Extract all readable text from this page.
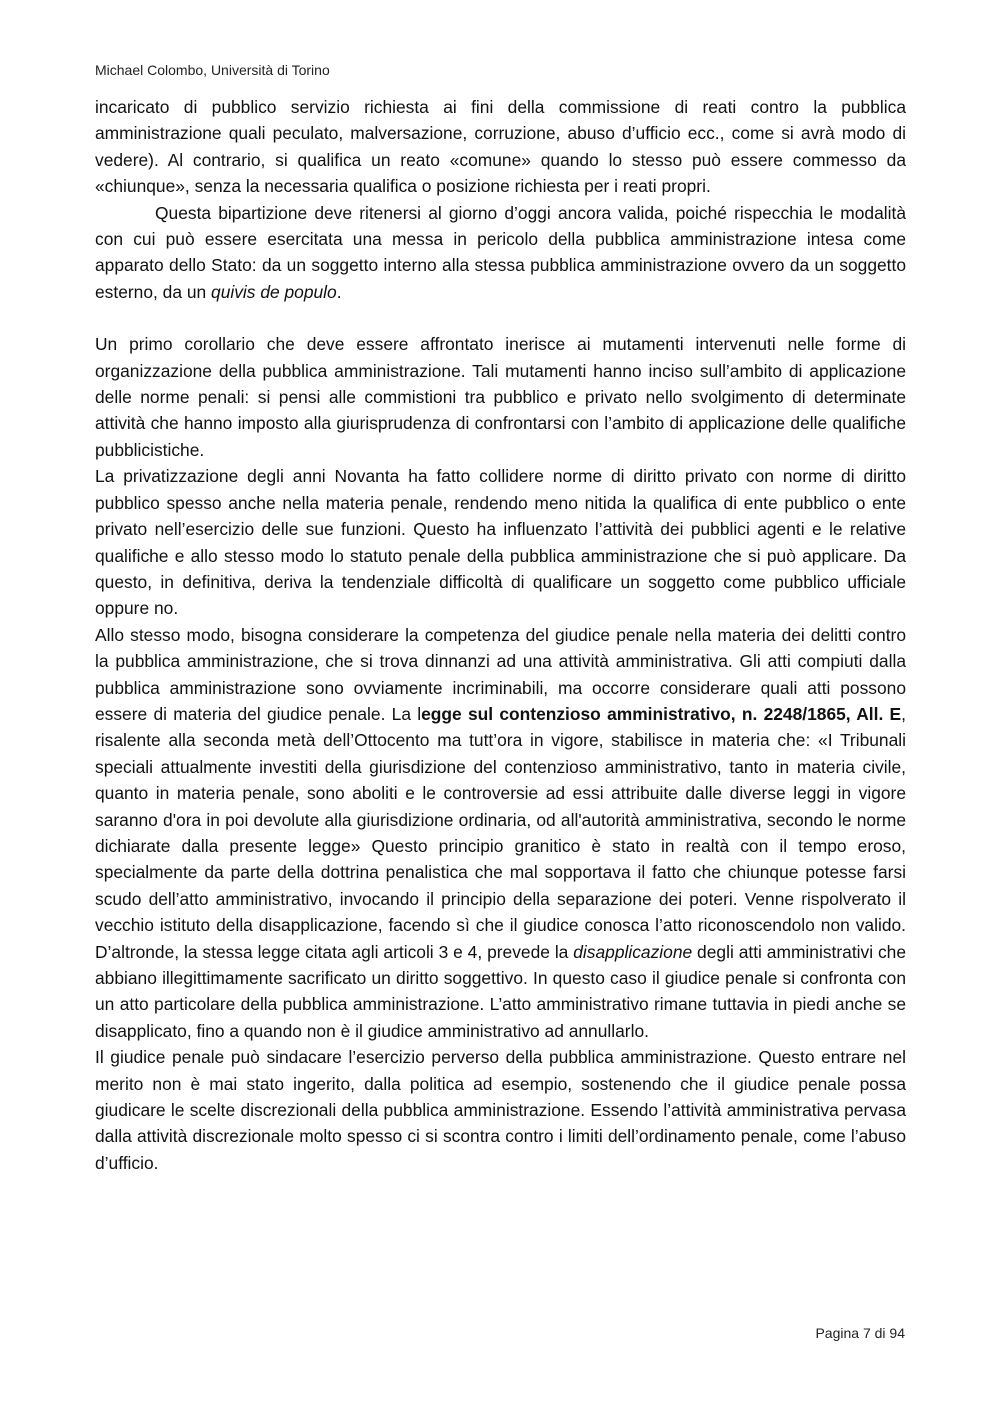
Michael Colombo, Università di Torino

incaricato di pubblico servizio richiesta ai fini della commissione di reati contro la pubblica amministrazione quali peculato, malversazione, corruzione, abuso d’ufficio ecc., come si avrà modo di vedere). Al contrario, si qualifica un reato «comune» quando lo stesso può essere commesso da «chiunque», senza la necessaria qualifica o posizione richiesta per i reati propri.

Questa bipartizione deve ritenersi al giorno d’oggi ancora valida, poiché rispecchia le modalità con cui può essere esercitata una messa in pericolo della pubblica amministrazione intesa come apparato dello Stato: da un soggetto interno alla stessa pubblica amministrazione ovvero da un soggetto esterno, da un quivis de populo.

Un primo corollario che deve essere affrontato inerisce ai mutamenti intervenuti nelle forme di organizzazione della pubblica amministrazione. Tali mutamenti hanno inciso sull’ambito di applicazione delle norme penali: si pensi alle commistioni tra pubblico e privato nello svolgimento di determinate attività che hanno imposto alla giurisprudenza di confrontarsi con l’ambito di applicazione delle qualifiche pubblicistiche.

La privatizzazione degli anni Novanta ha fatto collidere norme di diritto privato con norme di diritto pubblico spesso anche nella materia penale, rendendo meno nitida la qualifica di ente pubblico o ente privato nell’esercizio delle sue funzioni. Questo ha influenzato l’attività dei pubblici agenti e le relative qualifiche e allo stesso modo lo statuto penale della pubblica amministrazione che si può applicare. Da questo, in definitiva, deriva la tendenziale difficoltà di qualificare un soggetto come pubblico ufficiale oppure no.

Allo stesso modo, bisogna considerare la competenza del giudice penale nella materia dei delitti contro la pubblica amministrazione, che si trova dinnanzi ad una attività amministrativa. Gli atti compiuti dalla pubblica amministrazione sono ovviamente incriminabili, ma occorre considerare quali atti possono essere di materia del giudice penale. La legge sul contenzioso amministrativo, n. 2248/1865, All. E, risalente alla seconda metà dell’Ottocento ma tutt’ora in vigore, stabilisce in materia che: «I Tribunali speciali attualmente investiti della giurisdizione del contenzioso amministrativo, tanto in materia civile, quanto in materia penale, sono aboliti e le controversie ad essi attribuite dalle diverse leggi in vigore saranno d'ora in poi devolute alla giurisdizione ordinaria, od all'autorità amministrativa, secondo le norme dichiarate dalla presente legge» Questo principio granitico è stato in realtà con il tempo eroso, specialmente da parte della dottrina penalistica che mal sopportava il fatto che chiunque potesse farsi scudo dell’atto amministrativo, invocando il principio della separazione dei poteri. Venne rispolverato il vecchio istituto della disapplicazione, facendo sì che il giudice conosca l’atto riconoscendolo non valido. D’altronde, la stessa legge citata agli articoli 3 e 4, prevede la disapplicazione degli atti amministrativi che abbiano illegittimamente sacrificato un diritto soggettivo. In questo caso il giudice penale si confronta con un atto particolare della pubblica amministrazione. L’atto amministrativo rimane tuttavia in piedi anche se disapplicato, fino a quando non è il giudice amministrativo ad annullarlo.

Il giudice penale può sindacare l’esercizio perverso della pubblica amministrazione. Questo entrare nel merito non è mai stato ingerito, dalla politica ad esempio, sostenendo che il giudice penale possa giudicare le scelte discrezionali della pubblica amministrazione. Essendo l’attività amministrativa pervasa dalla attività discrezionale molto spesso ci si scontra contro i limiti dell’ordinamento penale, come l’abuso d’ufficio.

Pagina 7 di 94
